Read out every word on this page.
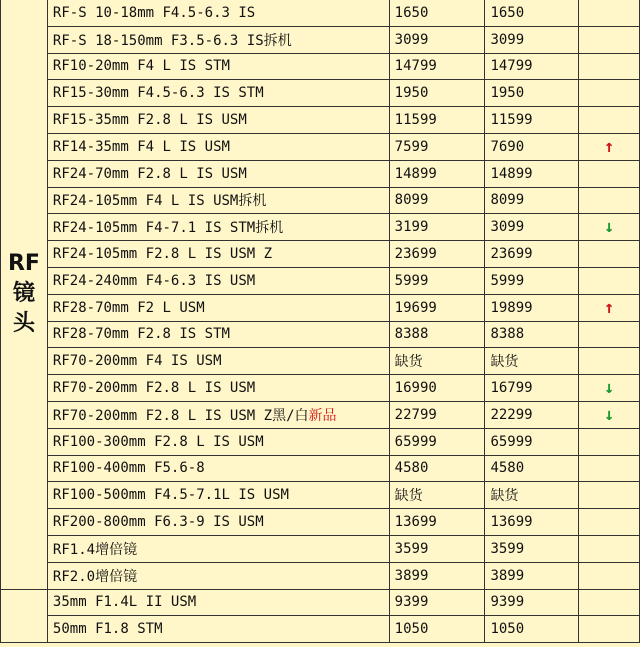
RF
镜
头	RF-S 10-18mm F4.5-6.3 IS	1650	1650	
	RF-S 18-150mm F3.5-6.3 IS拆机	3099	3099	
	RF10-20mm F4 L IS STM	14799	14799	
	RF15-30mm F4.5-6.3 IS STM	1950	1950	
	RF15-35mm F2.8 L IS USM	11599	11599	
	RF14-35mm F4 L IS USM	7599	7690	↑
	RF24-70mm F2.8 L IS USM	14899	14899	
	RF24-105mm F4 L IS USM拆机	8099	8099	
	RF24-105mm F4-7.1 IS STM拆机	3199	3099	↓
	RF24-105mm F2.8 L IS USM Z	23699	23699	
	RF24-240mm F4-6.3 IS USM	5999	5999	
	RF28-70mm F2 L USM	19699	19899	↑
	RF28-70mm F2.8 IS STM	8388	8388	
	RF70-200mm F4 IS USM	缺货	缺货	
	RF70-200mm F2.8 L IS USM	16990	16799	↓
	RF70-200mm F2.8 L IS USM Z黑/白新品	22799	22299	↓
	RF100-300mm F2.8 L IS USM	65999	65999	
	RF100-400mm F5.6-8	4580	4580	
	RF100-500mm F4.5-7.1L IS USM	缺货	缺货	
	RF200-800mm F6.3-9 IS USM	13699	13699	
	RF1.4增倍镜	3599	3599	
	RF2.0增倍镜	3899	3899	
	35mm F1.4L II USM	9399	9399	
	50mm F1.8 STM	1050	1050	
